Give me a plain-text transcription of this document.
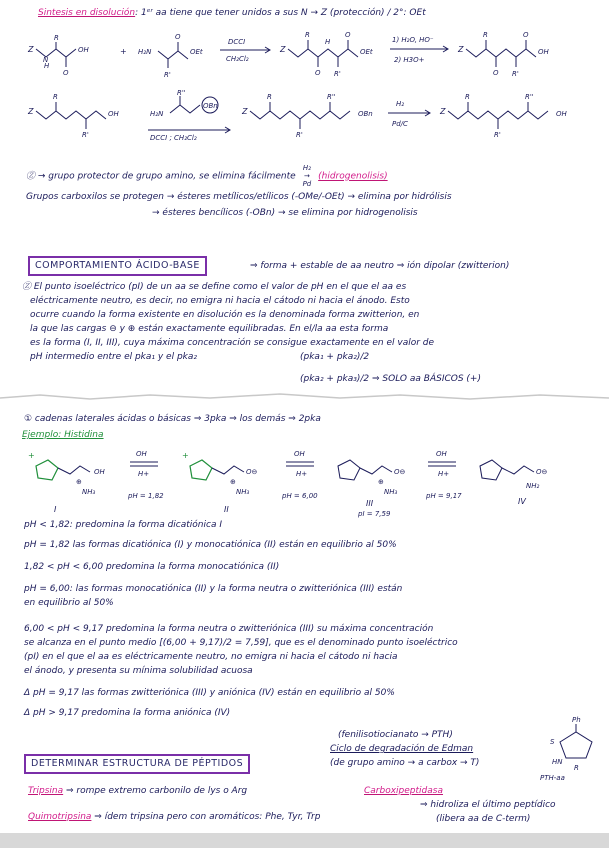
Sintesis en disolución: 1ᵉʳ aa tiene que tener unidos a sus N → Z (protección) / 2°: OEt
Z
H
N
R
O
OH	+ H₂N
R'
O
OEt
DCCI
CH₂Cl₂
Z
R
O
H
O
R'
OEt
1) H₂O, HO⁻
2) H3O+
Z
R
O
O
R'
OH
Z
R
R'
OH	H₂N
R''
OBn
DCCI ; CH₂Cl₂
Z
R
R'
R''
OBn
H₂
Pd/C
Z
R
R'
R''
OH
Ⓩ → grupo protector de grupo amino, se elimina fácilmente H₂
→
Pd (hidrogenolisis)
Grupos carboxilos se protegen → ésteres metílicos/etílicos (-OMe/-OEt) → elimina por hidrólisis
→ ésteres bencílicos (-OBn) → se elimina por hidrogenolisis
COMPORTAMIENTO ÁCIDO-BASE	⇒ forma + estable de aa neutro ⇒ ión dipolar (zwitterion)
Ⓩ El punto isoeléctrico (pI) de un aa se define como el valor de pH en el que el aa es
eléctricamente neutro, es decir, no emigra ni hacia el cátodo ni hacia el ánodo. Esto
ocurre cuando la forma existente en disolución es la denominada forma zwitterion, en
la que las cargas ⊖ y ⊕ están exactamente equilibradas. En el/la aa esta forma
es la forma (I, II, III), cuya máxima concentración se consigue exactamente en el valor de
pH intermedio entre el pka₁ y el pka₂	(pka₁ + pka₂)/2
(pka₂ + pka₃)/2 ⇒ SOLO aa BÁSICOS (+)
① cadenas laterales ácidas o básicas ⇒ 3pka ⇒ los demás ⇒ 2pka
Ejemplo: Histidina
+
⊕
NH₃
OH
I
OH
H+
pH = 1,82
+
⊕
NH₃
O⊖
II
OH
H+
pH = 6,00
⊕
NH₃
O⊖
III
pI = 7,59
OH
H+
pH = 9,17
NH₂
O⊖
IV
pH < 1,82: predomina la forma dicatiónica I
pH = 1,82 las formas dicatiónica (I) y monocatiónica (II) están en equilibrio al 50%
1,82 < pH < 6,00 predomina la forma monocatiónica (II)
pH = 6,00: las formas monocatiónica (II) y la forma neutra o zwitteriónica (III) están
en equilibrio al 50%
6,00 < pH < 9,17 predomina la forma neutra o zwitteriónica (III) su máxima concentración
se alcanza en el punto medio [(6,00 + 9,17)/2 = 7,59], que es el denominado punto isoeléctrico
(pI) en el que el aa es eléctricamente neutro, no emigra ni hacia el cátodo ni hacia
el ánodo, y presenta su mínima solubilidad acuosa
Δ pH = 9,17 las formas zwitteriónica (III) y aniónica (IV) están en equilibrio al 50%
Δ pH > 9,17 predomina la forma aniónica (IV)
DETERMINAR ESTRUCTURA DE PÉPTIDOS
(fenilisotiocianato → PTH)
Ciclo de degradación de Edman
(de grupo amino → a carbox → T)
Ph
S
HN
R
PTH-aa
Tripsina ⇒ rompe extremo carbonilo de lys o Arg	Carboxipeptidasa
⇒ hidroliza el último peptídico
(libera aa de C-term)
Quimotripsina ⇒ ídem tripsina pero con aromáticos: Phe, Tyr, Trp
